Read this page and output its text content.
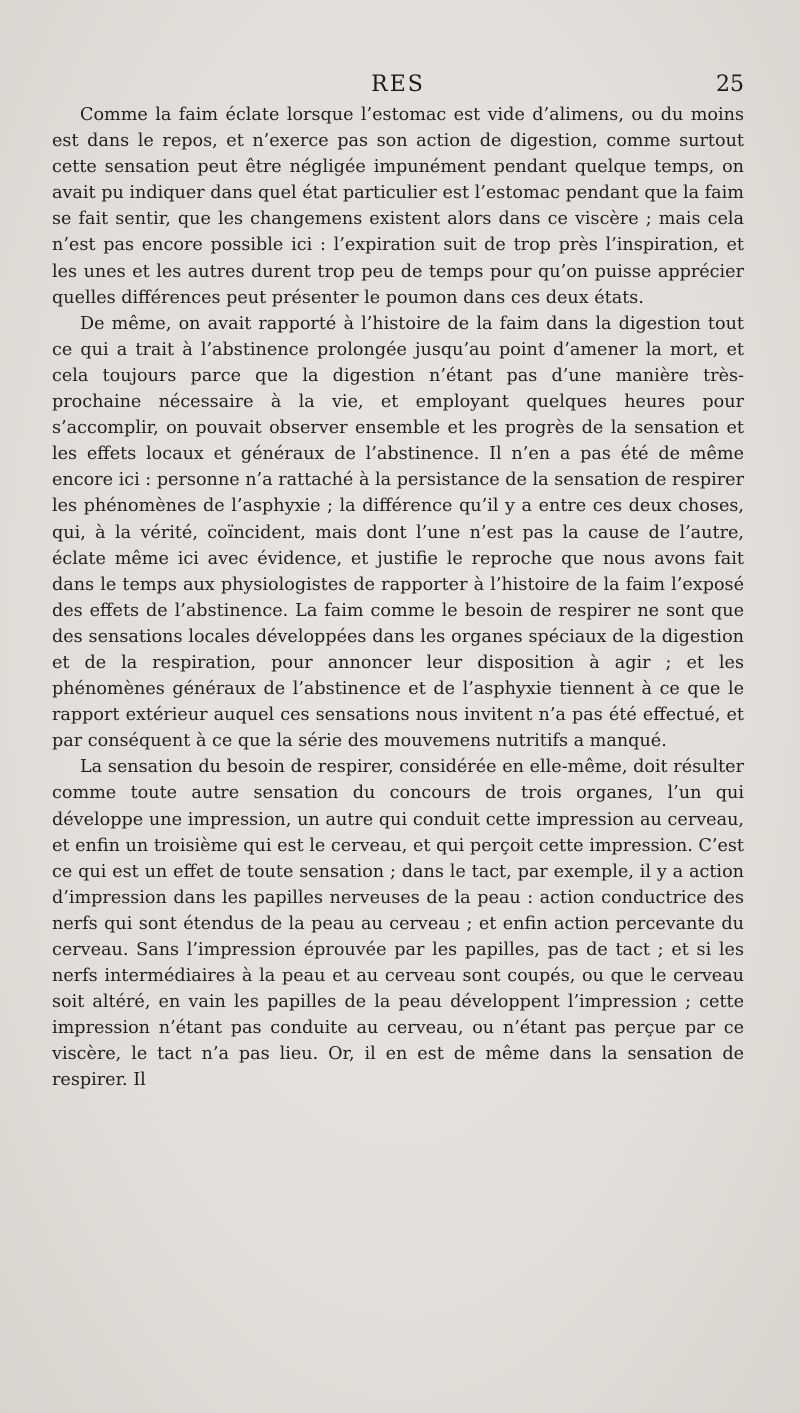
RES	25

Comme la faim éclate lorsque l’estomac est vide d’alimens, ou du moins est dans le repos, et n’exerce pas son action de digestion, comme surtout cette sensation peut être négligée impunément pendant quelque temps, on avait pu indiquer dans quel état particulier est l’estomac pendant que la faim se fait sentir, que les changemens existent alors dans ce viscère ; mais cela n’est pas encore possible ici : l’expiration suit de trop près l’inspiration, et les unes et les autres durent trop peu de temps pour qu’on puisse apprécier quelles différences peut présenter le poumon dans ces deux états.

De même, on avait rapporté à l’histoire de la faim dans la digestion tout ce qui a trait à l’abstinence prolongée jusqu’au point d’amener la mort, et cela toujours parce que la digestion n’étant pas d’une manière très-prochaine nécessaire à la vie, et employant quelques heures pour s’accomplir, on pouvait observer ensemble et les progrès de la sensation et les effets locaux et généraux de l’abstinence. Il n’en a pas été de même encore ici : personne n’a rattaché à la persistance de la sensation de respirer les phénomènes de l’asphyxie ; la différence qu’il y a entre ces deux choses, qui, à la vérité, coïncident, mais dont l’une n’est pas la cause de l’autre, éclate même ici avec évidence, et justifie le reproche que nous avons fait dans le temps aux physiologistes de rapporter à l’histoire de la faim l’exposé des effets de l’abstinence. La faim comme le besoin de respirer ne sont que des sensations locales développées dans les organes spéciaux de la digestion et de la respiration, pour annoncer leur disposition à agir ; et les phénomènes généraux de l’abstinence et de l’asphyxie tiennent à ce que le rapport extérieur auquel ces sensations nous invitent n’a pas été effectué, et par conséquent à ce que la série des mouvemens nutritifs a manqué.

La sensation du besoin de respirer, considérée en elle-même, doit résulter comme toute autre sensation du concours de trois organes, l’un qui développe une impression, un autre qui conduit cette impression au cerveau, et enfin un troisième qui est le cerveau, et qui perçoit cette impression. C’est ce qui est un effet de toute sensation ; dans le tact, par exemple, il y a action d’impression dans les papilles nerveuses de la peau : action conductrice des nerfs qui sont étendus de la peau au cerveau ; et enfin action percevante du cerveau. Sans l’impression éprouvée par les papilles, pas de tact ; et si les nerfs intermédiaires à la peau et au cerveau sont coupés, ou que le cerveau soit altéré, en vain les papilles de la peau développent l’impression ; cette impression n’étant pas conduite au cerveau, ou n’étant pas perçue par ce viscère, le tact n’a pas lieu. Or, il en est de même dans la sensation de respirer. Il
